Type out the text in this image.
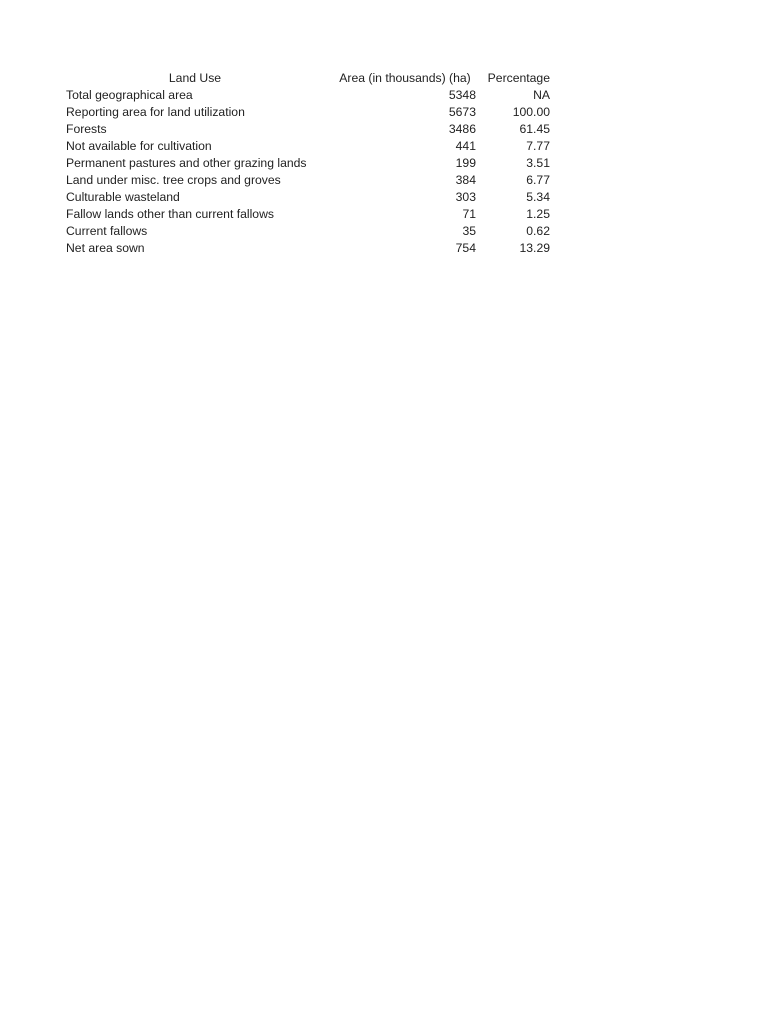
Land Use	Area (in thousands) (ha)	Percentage
Total geographical area	5348	NA
Reporting area for land utilization	5673	100.00
Forests	3486	61.45
Not available for cultivation	441	7.77
Permanent pastures and other grazing lands	199	3.51
Land under misc. tree crops and groves	384	6.77
Culturable wasteland	303	5.34
Fallow lands other than current fallows	71	1.25
Current fallows	35	0.62
Net area sown	754	13.29
